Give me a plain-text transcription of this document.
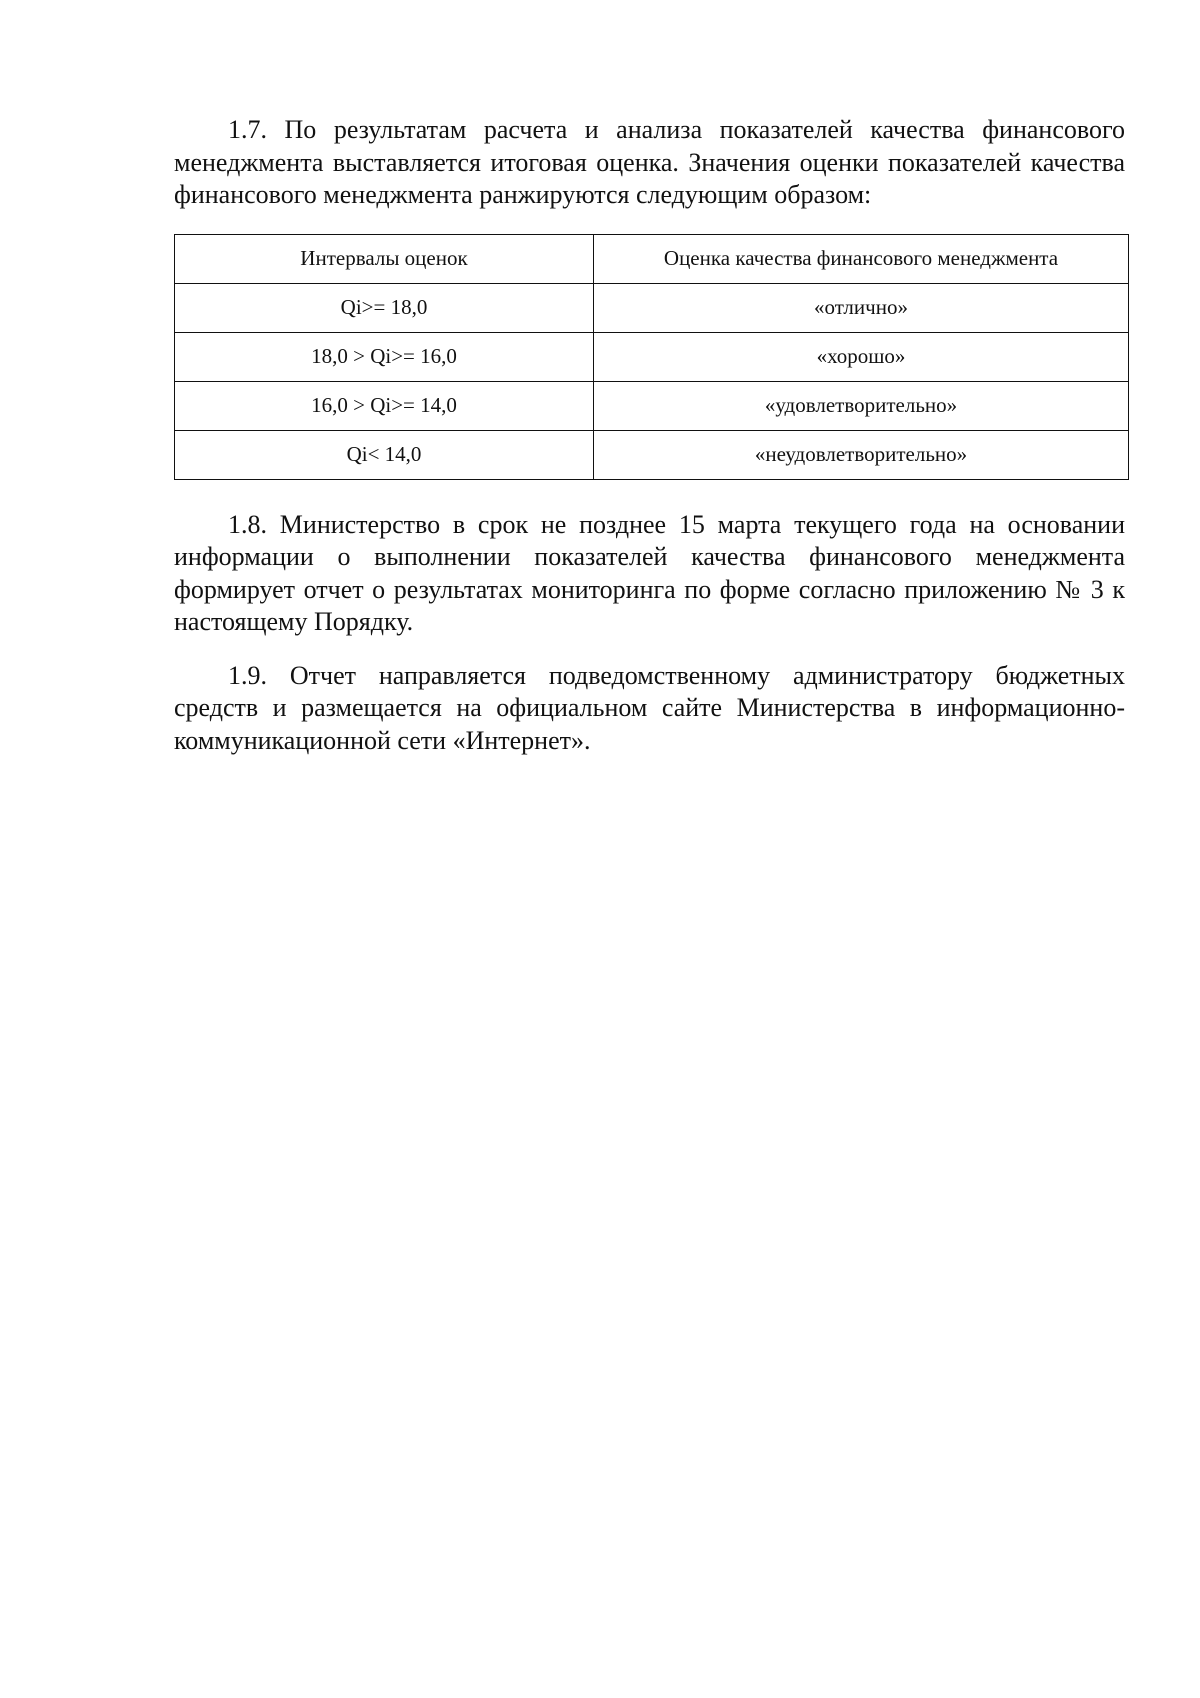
1.7. По результатам расчета и анализа показателей качества финансового менеджмента выставляется итоговая оценка. Значения оценки показателей качества финансового менеджмента ранжируются следующим образом:

Интервалы оценок	Оценка качества финансового менеджмента
Qi>= 18,0	«отлично»
18,0 > Qi>= 16,0	«хорошо»
16,0 > Qi>= 14,0	«удовлетворительно»
Qi< 14,0	«неудовлетворительно»

1.8. Министерство в срок не позднее 15 марта текущего года на основании информации о выполнении показателей качества финансового менеджмента формирует отчет о результатах мониторинга по форме согласно приложению № 3 к настоящему Порядку.

1.9. Отчет направляется подведомственному администратору бюджетных средств и размещается на официальном сайте Министерства в информационно-коммуникационной сети «Интернет».
